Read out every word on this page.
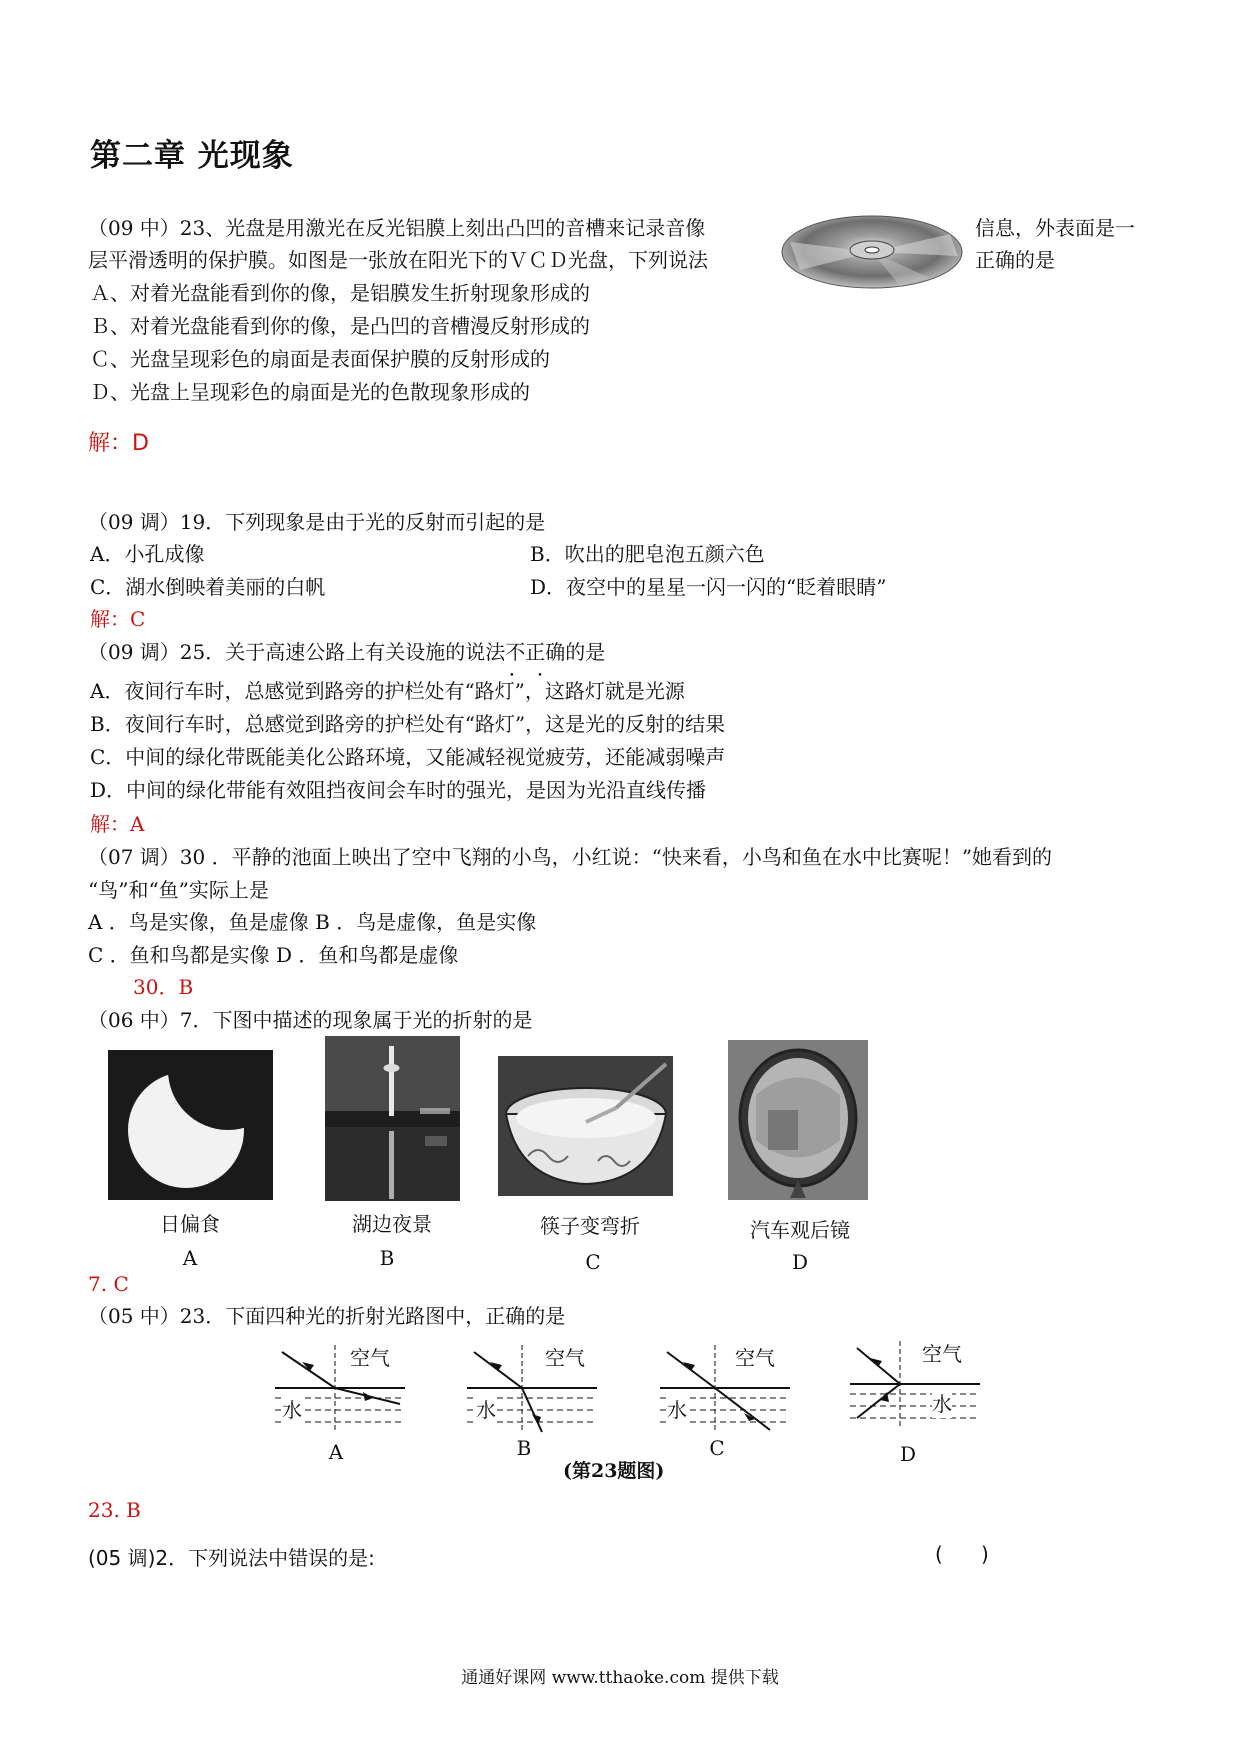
第二章 光现象
（09 中）23、光盘是用激光在反光铝膜上刻出凸凹的音槽来记录音像	信息，外表面是一
层平滑透明的保护膜。如图是一张放在阳光下的ＶＣＤ光盘，下列说法	正确的是
Ａ、对着光盘能看到你的像，是铝膜发生折射现象形成的
Ｂ、对着光盘能看到你的像，是凸凹的音槽漫反射形成的
Ｃ、光盘呈现彩色的扇面是表面保护膜的反射形成的
Ｄ、光盘上呈现彩色的扇面是光的色散现象形成的
解：D
（09 调）19．下列现象是由于光的反射而引起的是
A．小孔成像	B．吹出的肥皂泡五颜六色
C．湖水倒映着美丽的白帆	D．夜空中的星星一闪一闪的“眨着眼睛”
解：C
（09 调）25．关于高速公路上有关设施的说法不正确 • •的是
A．夜间行车时，总感觉到路旁的护栏处有“路灯”，这路灯就是光源
B．夜间行车时，总感觉到路旁的护栏处有“路灯”，这是光的反射的结果
C．中间的绿化带既能美化公路环境，又能减轻视觉疲劳，还能减弱噪声
D．中间的绿化带能有效阻挡夜间会车时的强光，是因为光沿直线传播
解：A
（07 调）30 ．平静的池面上映出了空中飞翔的小鸟，小红说：“快来看，小鸟和鱼在水中比赛呢！”她看到的
“鸟”和“鱼”实际上是
A ．鸟是实像，鱼是虚像 B ．鸟是虚像，鱼是实像
C ．鱼和鸟都是实像 D ．鱼和鸟都是虚像
30．B
（06 中）7．下图中描述的现象属于光的折射的是
日偏食	湖边夜景	筷子变弯折	汽车观后镜
A	B	C	D
7. C
（05 中）23．下面四种光的折射光路图中，正确的是
空气
水
空气
水
空气
水
空气
水
A	B	C	D
(第23题图)
23. B
(05 调)2．下列说法中错误的是:	(      )
通通好课网 www.tthaoke.com 提供下载
